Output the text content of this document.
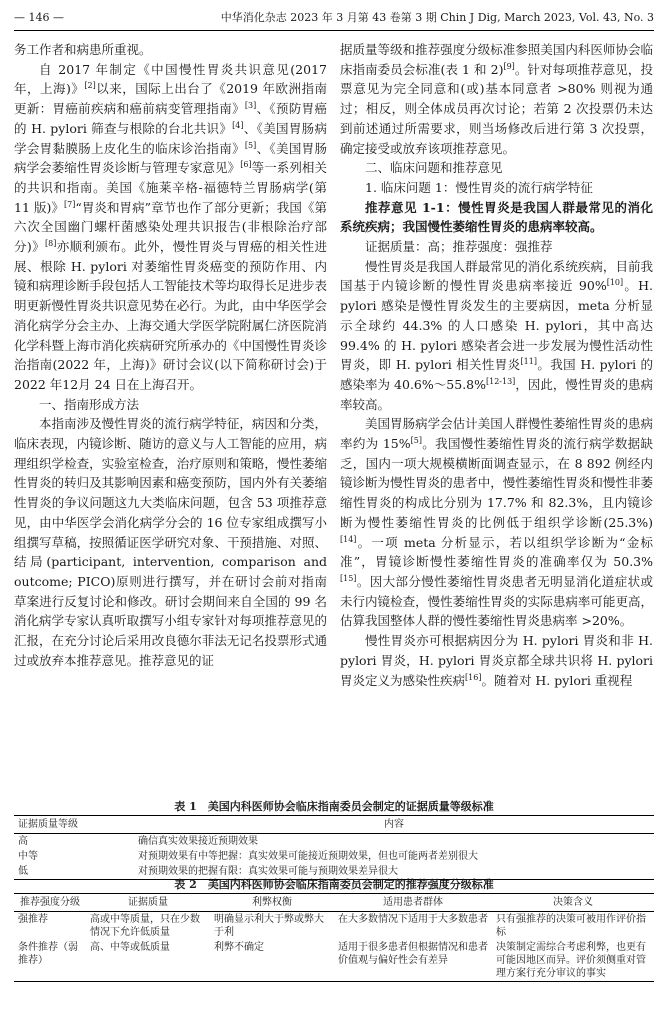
— 146 —	中华消化杂志 2023 年 3 月第 43 卷第 3 期 Chin J Dig, March 2023, Vol. 43, No. 3

务工作者和病患所重视。

自 2017 年制定《中国慢性胃炎共识意见(2017 年，上海)》[2]以来，国际上出台了《2019 年欧洲指南更新：胃癌前疾病和癌前病变管理指南》[3]、《预防胃癌的 H. pylori 筛查与根除的台北共识》[4]、《美国胃肠病学会胃黏膜肠上皮化生的临床诊治指南》[5]、《美国胃肠病学会萎缩性胃炎诊断与管理专家意见》[6]等一系列相关的共识和指南。美国《施莱辛格-福德特兰胃肠病学(第 11 版)》[7]“胃炎和胃病”章节也作了部分更新；我国《第六次全国幽门螺杆菌感染处理共识报告(非根除治疗部分)》[8]亦顺利颁布。此外，慢性胃炎与胃癌的相关性进展、根除 H. pylori 对萎缩性胃炎癌变的预防作用、内镜和病理诊断手段包括人工智能技术等均取得长足进步表明更新慢性胃炎共识意见势在必行。为此，由中华医学会消化病学分会主办、上海交通大学医学院附属仁济医院消化学科暨上海市消化疾病研究所承办的《中国慢性胃炎诊治指南(2022 年，上海)》研讨会议(以下简称研讨会)于 2022 年12月 24 日在上海召开。

一、指南形成方法

本指南涉及慢性胃炎的流行病学特征，病因和分类，临床表现，内镜诊断、随访的意义与人工智能的应用，病理组织学检查，实验室检查，治疗原则和策略，慢性萎缩性胃炎的转归及其影响因素和癌变预防，国内外有关萎缩性胃炎的争议问题这九大类临床问题，包含 53 项推荐意见，由中华医学会消化病学分会的 16 位专家组成撰写小组撰写草稿，按照循证医学研究对象、干预措施、对照、结局(participant, intervention, comparison and outcome; PICO)原则进行撰写，并在研讨会前对指南草案进行反复讨论和修改。研讨会期间来自全国的 99 名消化病学专家认真听取撰写小组专家针对每项推荐意见的汇报，在充分讨论后采用改良德尔菲法无记名投票形式通过或放弃本推荐意见。推荐意见的证

据质量等级和推荐强度分级标准参照美国内科医师协会临床指南委员会标准(表 1 和 2)[9]。针对每项推荐意见，投票意见为完全同意和(或)基本同意者 >80% 则视为通过；相反，则全体成员再次讨论；若第 2 次投票仍未达到前述通过所需要求，则当场修改后进行第 3 次投票，确定接受或放弃该项推荐意见。

二、临床问题和推荐意见

1. 临床问题 1：慢性胃炎的流行病学特征

推荐意见 1-1：慢性胃炎是我国人群最常见的消化系统疾病；我国慢性萎缩性胃炎的患病率较高。

证据质量：高；推荐强度：强推荐

慢性胃炎是我国人群最常见的消化系统疾病，目前我国基于内镜诊断的慢性胃炎患病率接近 90%[10]。H. pylori 感染是慢性胃炎发生的主要病因，meta 分析显示全球约 44.3% 的人口感染 H. pylori，其中高达 99.4% 的 H. pylori 感染者会进一步发展为慢性活动性胃炎，即 H. pylori 相关性胃炎[11]。我国 H. pylori 的感染率为 40.6%～55.8%[12-13]，因此，慢性胃炎的患病率较高。

美国胃肠病学会估计美国人群慢性萎缩性胃炎的患病率约为 15%[5]。我国慢性萎缩性胃炎的流行病学数据缺乏，国内一项大规模横断面调查显示，在 8 892 例经内镜诊断为慢性胃炎的患者中，慢性萎缩性胃炎和慢性非萎缩性胃炎的构成比分别为 17.7% 和 82.3%，且内镜诊断为慢性萎缩性胃炎的比例低于组织学诊断(25.3%)[14]。一项 meta 分析显示，若以组织学诊断为“金标准”，胃镜诊断慢性萎缩性胃炎的准确率仅为 50.3%[15]。因大部分慢性萎缩性胃炎患者无明显消化道症状或未行内镜检查，慢性萎缩性胃炎的实际患病率可能更高，估算我国整体人群的慢性萎缩性胃炎患病率 >20%。

慢性胃炎亦可根据病因分为 H. pylori 胃炎和非 H. pylori 胃炎，H. pylori 胃炎京都全球共识将 H. pylori 胃炎定义为感染性疾病[16]。随着对 H. pylori 重视程

表 1　美国内科医师协会临床指南委员会制定的证据质量等级标准
证据质量等级	内容
高	确信真实效果接近预期效果
中等	对预期效果有中等把握：真实效果可能接近预期效果，但也可能两者差别很大
低	对预期效果的把握有限：真实效果可能与预期效果差异很大
表 2　美国内科医师协会临床指南委员会制定的推荐强度分级标准
推荐强度分级	证据质量	利弊权衡	适用患者群体	决策含义
强推荐	高或中等质量，只在少数情况下允许低质量	明确显示利大于弊或弊大于利	在大多数情况下适用于大多数患者	只有强推荐的决策可被用作评价指标
条件推荐（弱推荐）	高、中等或低质量	利弊不确定	适用于很多患者但根据情况和患者价值观与偏好性会有差异	决策制定需综合考虑利弊，也更有可能因地区而异。评价须侧重对管理方案行充分审议的事实
